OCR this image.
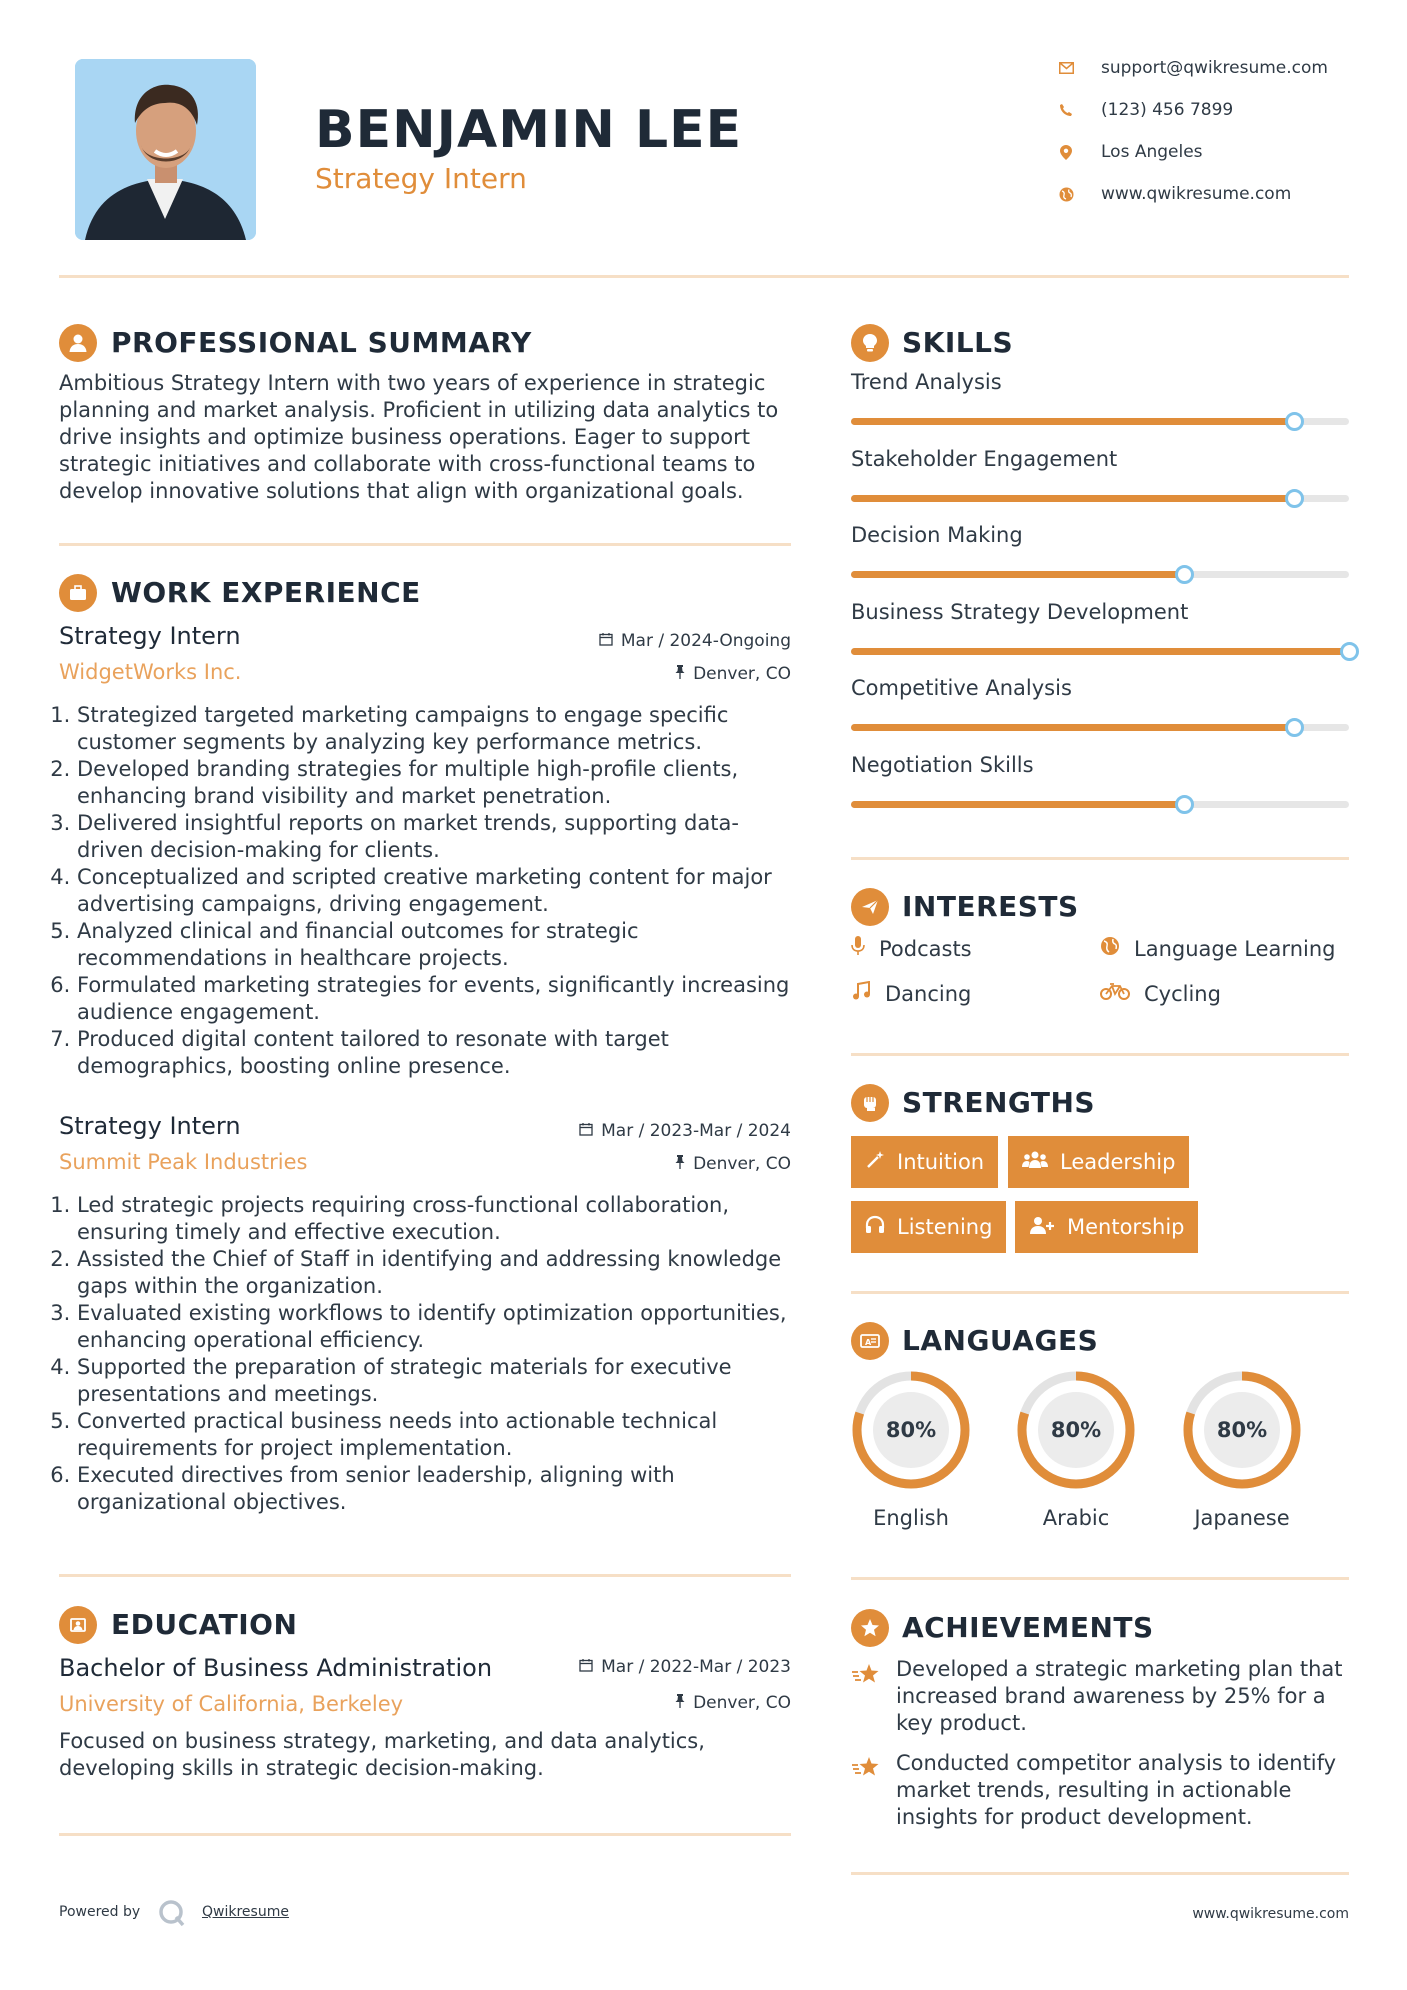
BENJAMIN LEE
Strategy Intern
support@qwikresume.com
(123) 456 7899
Los Angeles
www.qwikresume.com
PROFESSIONAL SUMMARY
Ambitious Strategy Intern with two years of experience in strategic planning and market analysis. Proficient in utilizing data analytics to drive insights and optimize business operations. Eager to support strategic initiatives and collaborate with cross-functional teams to develop innovative solutions that align with organizational goals.
WORK EXPERIENCE
Strategy Intern	Mar / 2024-Ongoing
WidgetWorks Inc.	Denver, CO
1. Strategized targeted marketing campaigns to engage specific customer segments by analyzing key performance metrics.
2. Developed branding strategies for multiple high-profile clients, enhancing brand visibility and market penetration.
3. Delivered insightful reports on market trends, supporting data-driven decision-making for clients.
4. Conceptualized and scripted creative marketing content for major advertising campaigns, driving engagement.
5. Analyzed clinical and financial outcomes for strategic recommendations in healthcare projects.
6. Formulated marketing strategies for events, significantly increasing audience engagement.
7. Produced digital content tailored to resonate with target demographics, boosting online presence.
Strategy Intern	Mar / 2023-Mar / 2024
Summit Peak Industries	Denver, CO
1. Led strategic projects requiring cross-functional collaboration, ensuring timely and effective execution.
2. Assisted the Chief of Staff in identifying and addressing knowledge gaps within the organization.
3. Evaluated existing workflows to identify optimization opportunities, enhancing operational efficiency.
4. Supported the preparation of strategic materials for executive presentations and meetings.
5. Converted practical business needs into actionable technical requirements for project implementation.
6. Executed directives from senior leadership, aligning with organizational objectives.
EDUCATION
Bachelor of Business Administration	Mar / 2022-Mar / 2023
University of California, Berkeley	Denver, CO
Focused on business strategy, marketing, and data analytics, developing skills in strategic decision-making.
SKILLS
Trend Analysis
Stakeholder Engagement
Decision Making
Business Strategy Development
Competitive Analysis
Negotiation Skills
INTERESTS
Podcasts	Language Learning
Dancing	Cycling
STRENGTHS
Intuition	Leadership
Listening	Mentorship
A LANGUAGES
80%	80%	80%
English	Arabic	Japanese
ACHIEVEMENTS
Developed a strategic marketing plan that increased brand awareness by 25% for a key product.
Conducted competitor analysis to identify market trends, resulting in actionable insights for product development.
Powered by	Qwikresume	www.qwikresume.com
